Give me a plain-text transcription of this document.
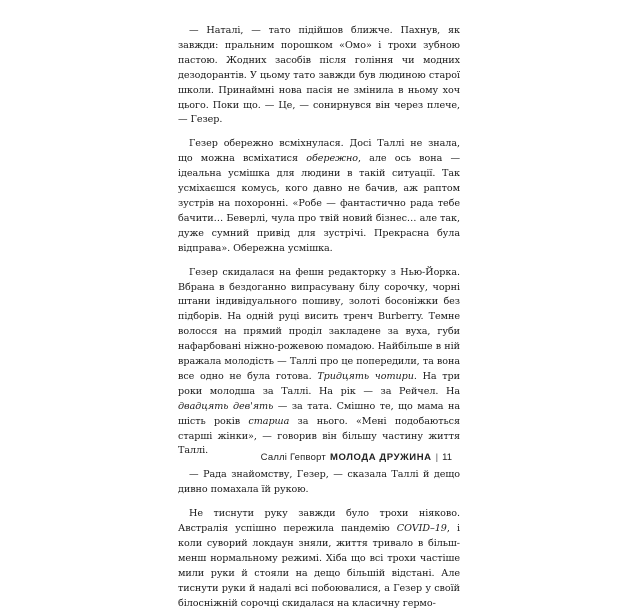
— Наталі, — тато підійшов ближче. Пахнув, як завжди: пральним порошком «Омо» і трохи зубною пастою. Жодних засобів після гоління чи модних дезодорантів. У цьому тато завжди був людиною старої школи. Принаймні нова пасія не змінила в ньому хоч цього. Поки що. — Це, — сонирнувся він через плече, — Гезер.

Гезер обережно всміхнулася. Досі Таллі не знала, що можна всміхатися обережно, але ось вона — ідеальна усмішка для людини в такій ситуації. Так усміхаєшся комусь, кого давно не бачив, аж раптом зустрів на похоронні. «Робе — фантастично рада тебе бачити… Беверлі, чула про твій новий бізнес… але так, дуже сумний привід для зустрічі. Прекрасна була відправа». Обережна усмішка.

Гезер скидалася на фешн редакторку з Нью-Йорка. Вбрана в бездоганно випрасувану білу сорочку, чорні штани індивідуального пошиву, золоті босоніжки без підборів. На одній руці висить тренч Burberry. Темне волосся на прямий проділ закладене за вуха, губи нафарбовані ніжно-рожевою помадою. Найбільше в ній вражала молодість — Таллі про це попередили, та вона все одно не була готова. Тридцять чотири. На три роки молодша за Таллі. На рік — за Рейчел. На двадцять дев'ять — за тата. Смішно те, що мама на шість років старша за нього. «Мені подобаються старші жінки», — говорив він більшу частину життя Таллі.

— Рада знайомству, Гезер, — сказала Таллі й дещо дивно помахала їй рукою.

Не тиснути руку завжди було трохи ніяково. Австралія успішно пережила пандемію COVID–19, і коли суворий локдаун зняли, життя тривало в більш-менш нормальному режимі. Хіба що всі трохи частіше мили руки й стояли на дещо більшій відстані. Але тиснути руки й надалі всі побоювалися, а Гезер у своїй білосніжній сорочці скидалася на класичну гермо-

Саллі Гепворт МОЛОДА ДРУЖИНА | 11
